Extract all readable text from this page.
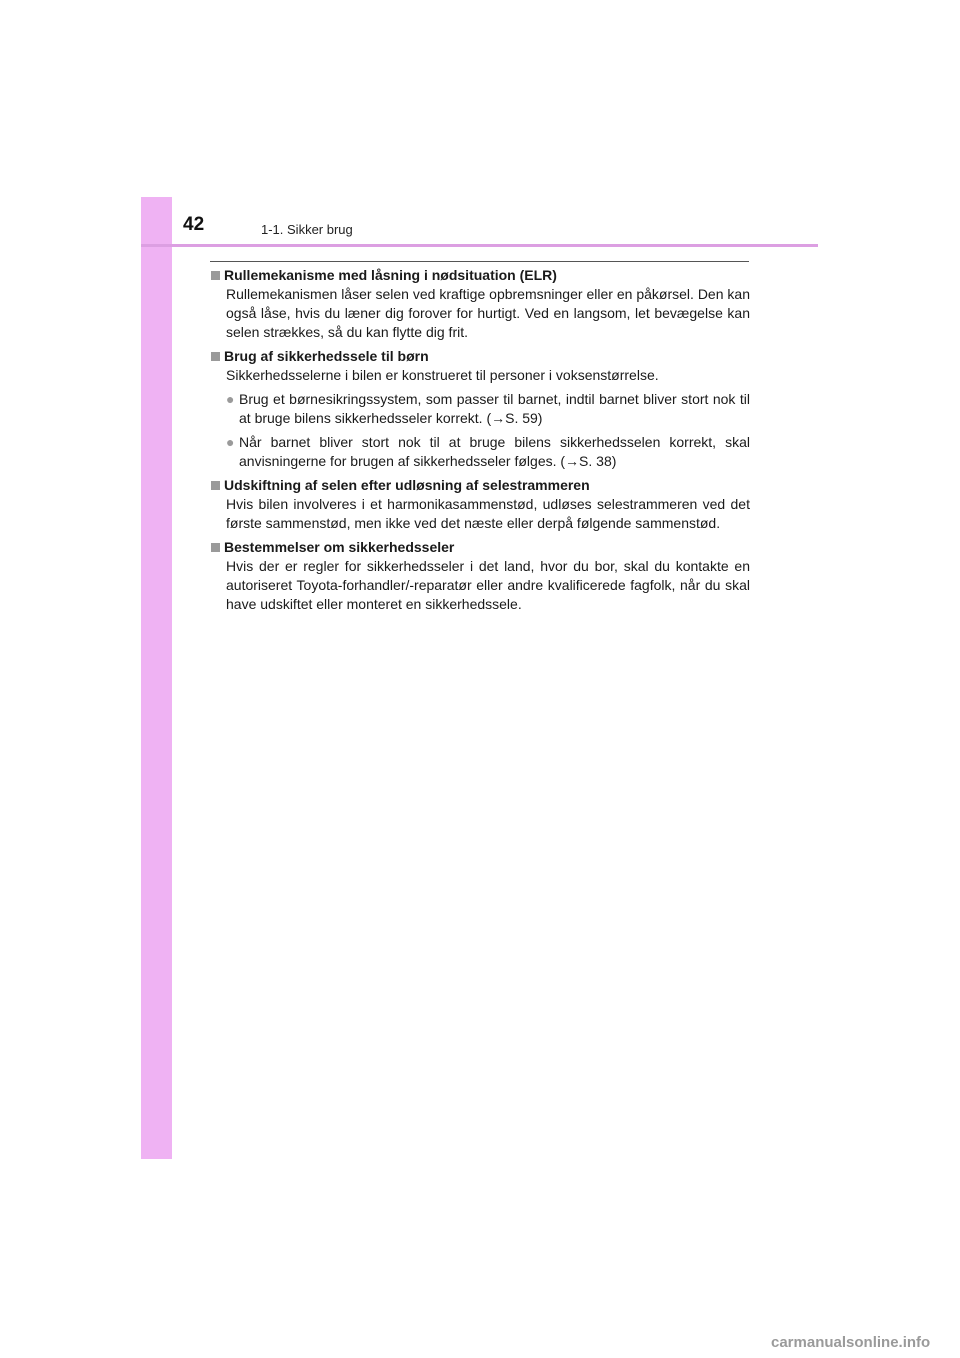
42	1-1. Sikker brug
Rullemekanisme med låsning i nødsituation (ELR)
Rullemekanismen låser selen ved kraftige opbremsninger eller en påkørsel. Den kan også låse, hvis du læner dig forover for hurtigt. Ved en langsom, let bevægelse kan selen strækkes, så du kan flytte dig frit.
Brug af sikkerhedssele til børn
Sikkerhedsselerne i bilen er konstrueret til personer i voksenstørrelse.
● Brug et børnesikringssystem, som passer til barnet, indtil barnet bliver stort nok til at bruge bilens sikkerhedsseler korrekt. (→S. 59)
● Når barnet bliver stort nok til at bruge bilens sikkerhedsselen korrekt, skal anvisningerne for brugen af sikkerhedsseler følges. (→S. 38)
Udskiftning af selen efter udløsning af selestrammeren
Hvis bilen involveres i et harmonikasammenstød, udløses selestrammeren ved det første sammenstød, men ikke ved det næste eller derpå følgende sammenstød.
Bestemmelser om sikkerhedsseler
Hvis der er regler for sikkerhedsseler i det land, hvor du bor, skal du kontakte en autoriseret Toyota-forhandler/-reparatør eller andre kvalificerede fagfolk, når du skal have udskiftet eller monteret en sikkerhedssele.
carmanualsonline.info
